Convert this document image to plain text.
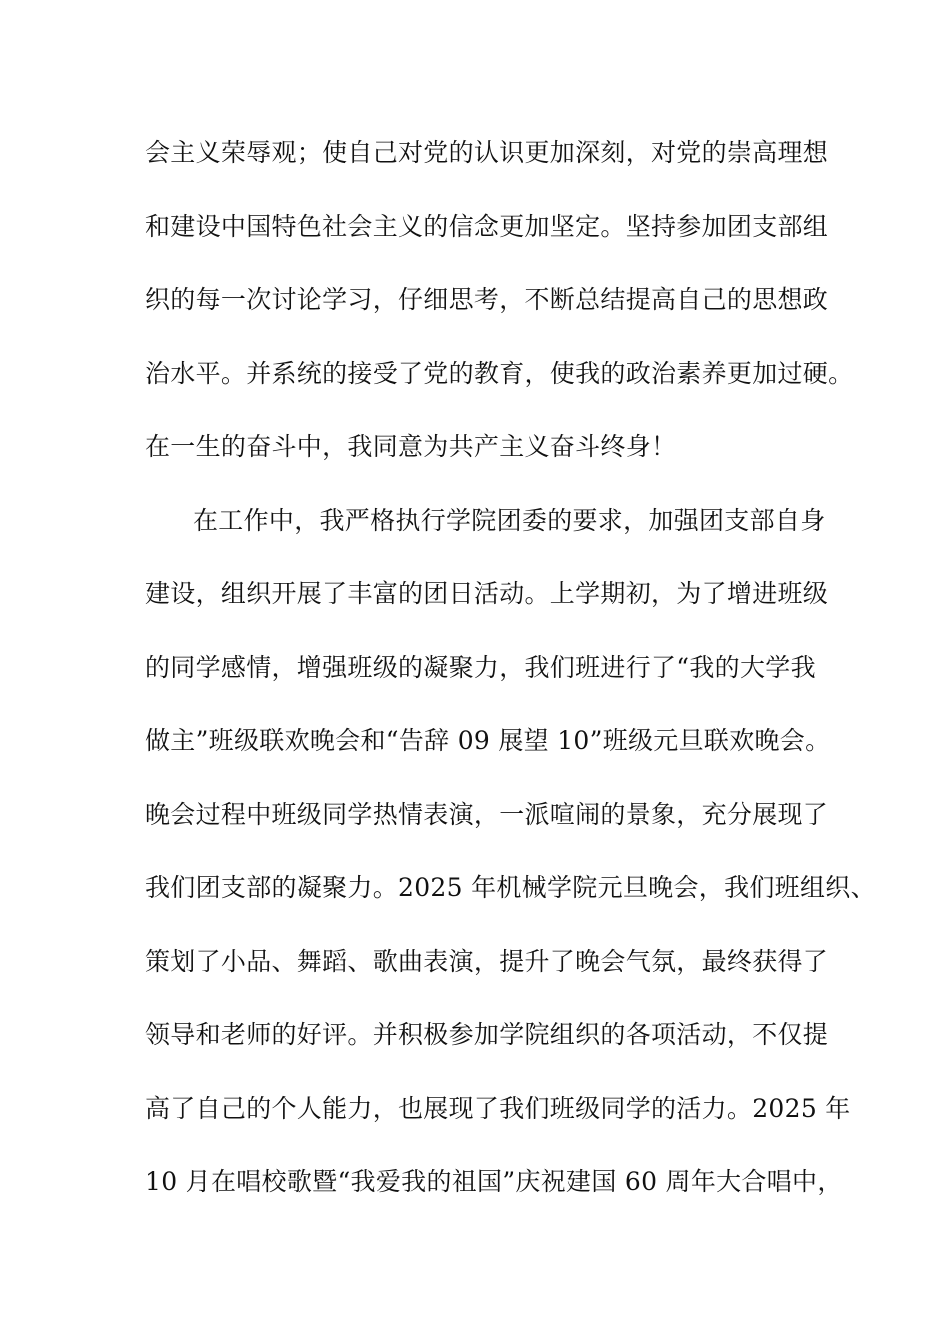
会主义荣辱观；使自己对党的认识更加深刻，对党的崇高理想
和建设中国特色社会主义的信念更加坚定。坚持参加团支部组
织的每一次讨论学习，仔细思考，不断总结提高自己的思想政
治水平。并系统的接受了党的教育，使我的政治素养更加过硬。
在一生的奋斗中，我同意为共产主义奋斗终身！
在工作中，我严格执行学院团委的要求，加强团支部自身
建设，组织开展了丰富的团日活动。上学期初，为了增进班级
的同学感情，增强班级的凝聚力，我们班进行了“我的大学我
做主”班级联欢晚会和“告辞 09 展望 10”班级元旦联欢晚会。
晚会过程中班级同学热情表演，一派喧闹的景象，充分展现了
我们团支部的凝聚力。2025 年机械学院元旦晚会，我们班组织、
策划了小品、舞蹈、歌曲表演，提升了晚会气氛，最终获得了
领导和老师的好评。并积极参加学院组织的各项活动，不仅提
高了自己的个人能力，也展现了我们班级同学的活力。2025 年
10 月在唱校歌暨“我爱我的祖国”庆祝建国 60 周年大合唱中，
